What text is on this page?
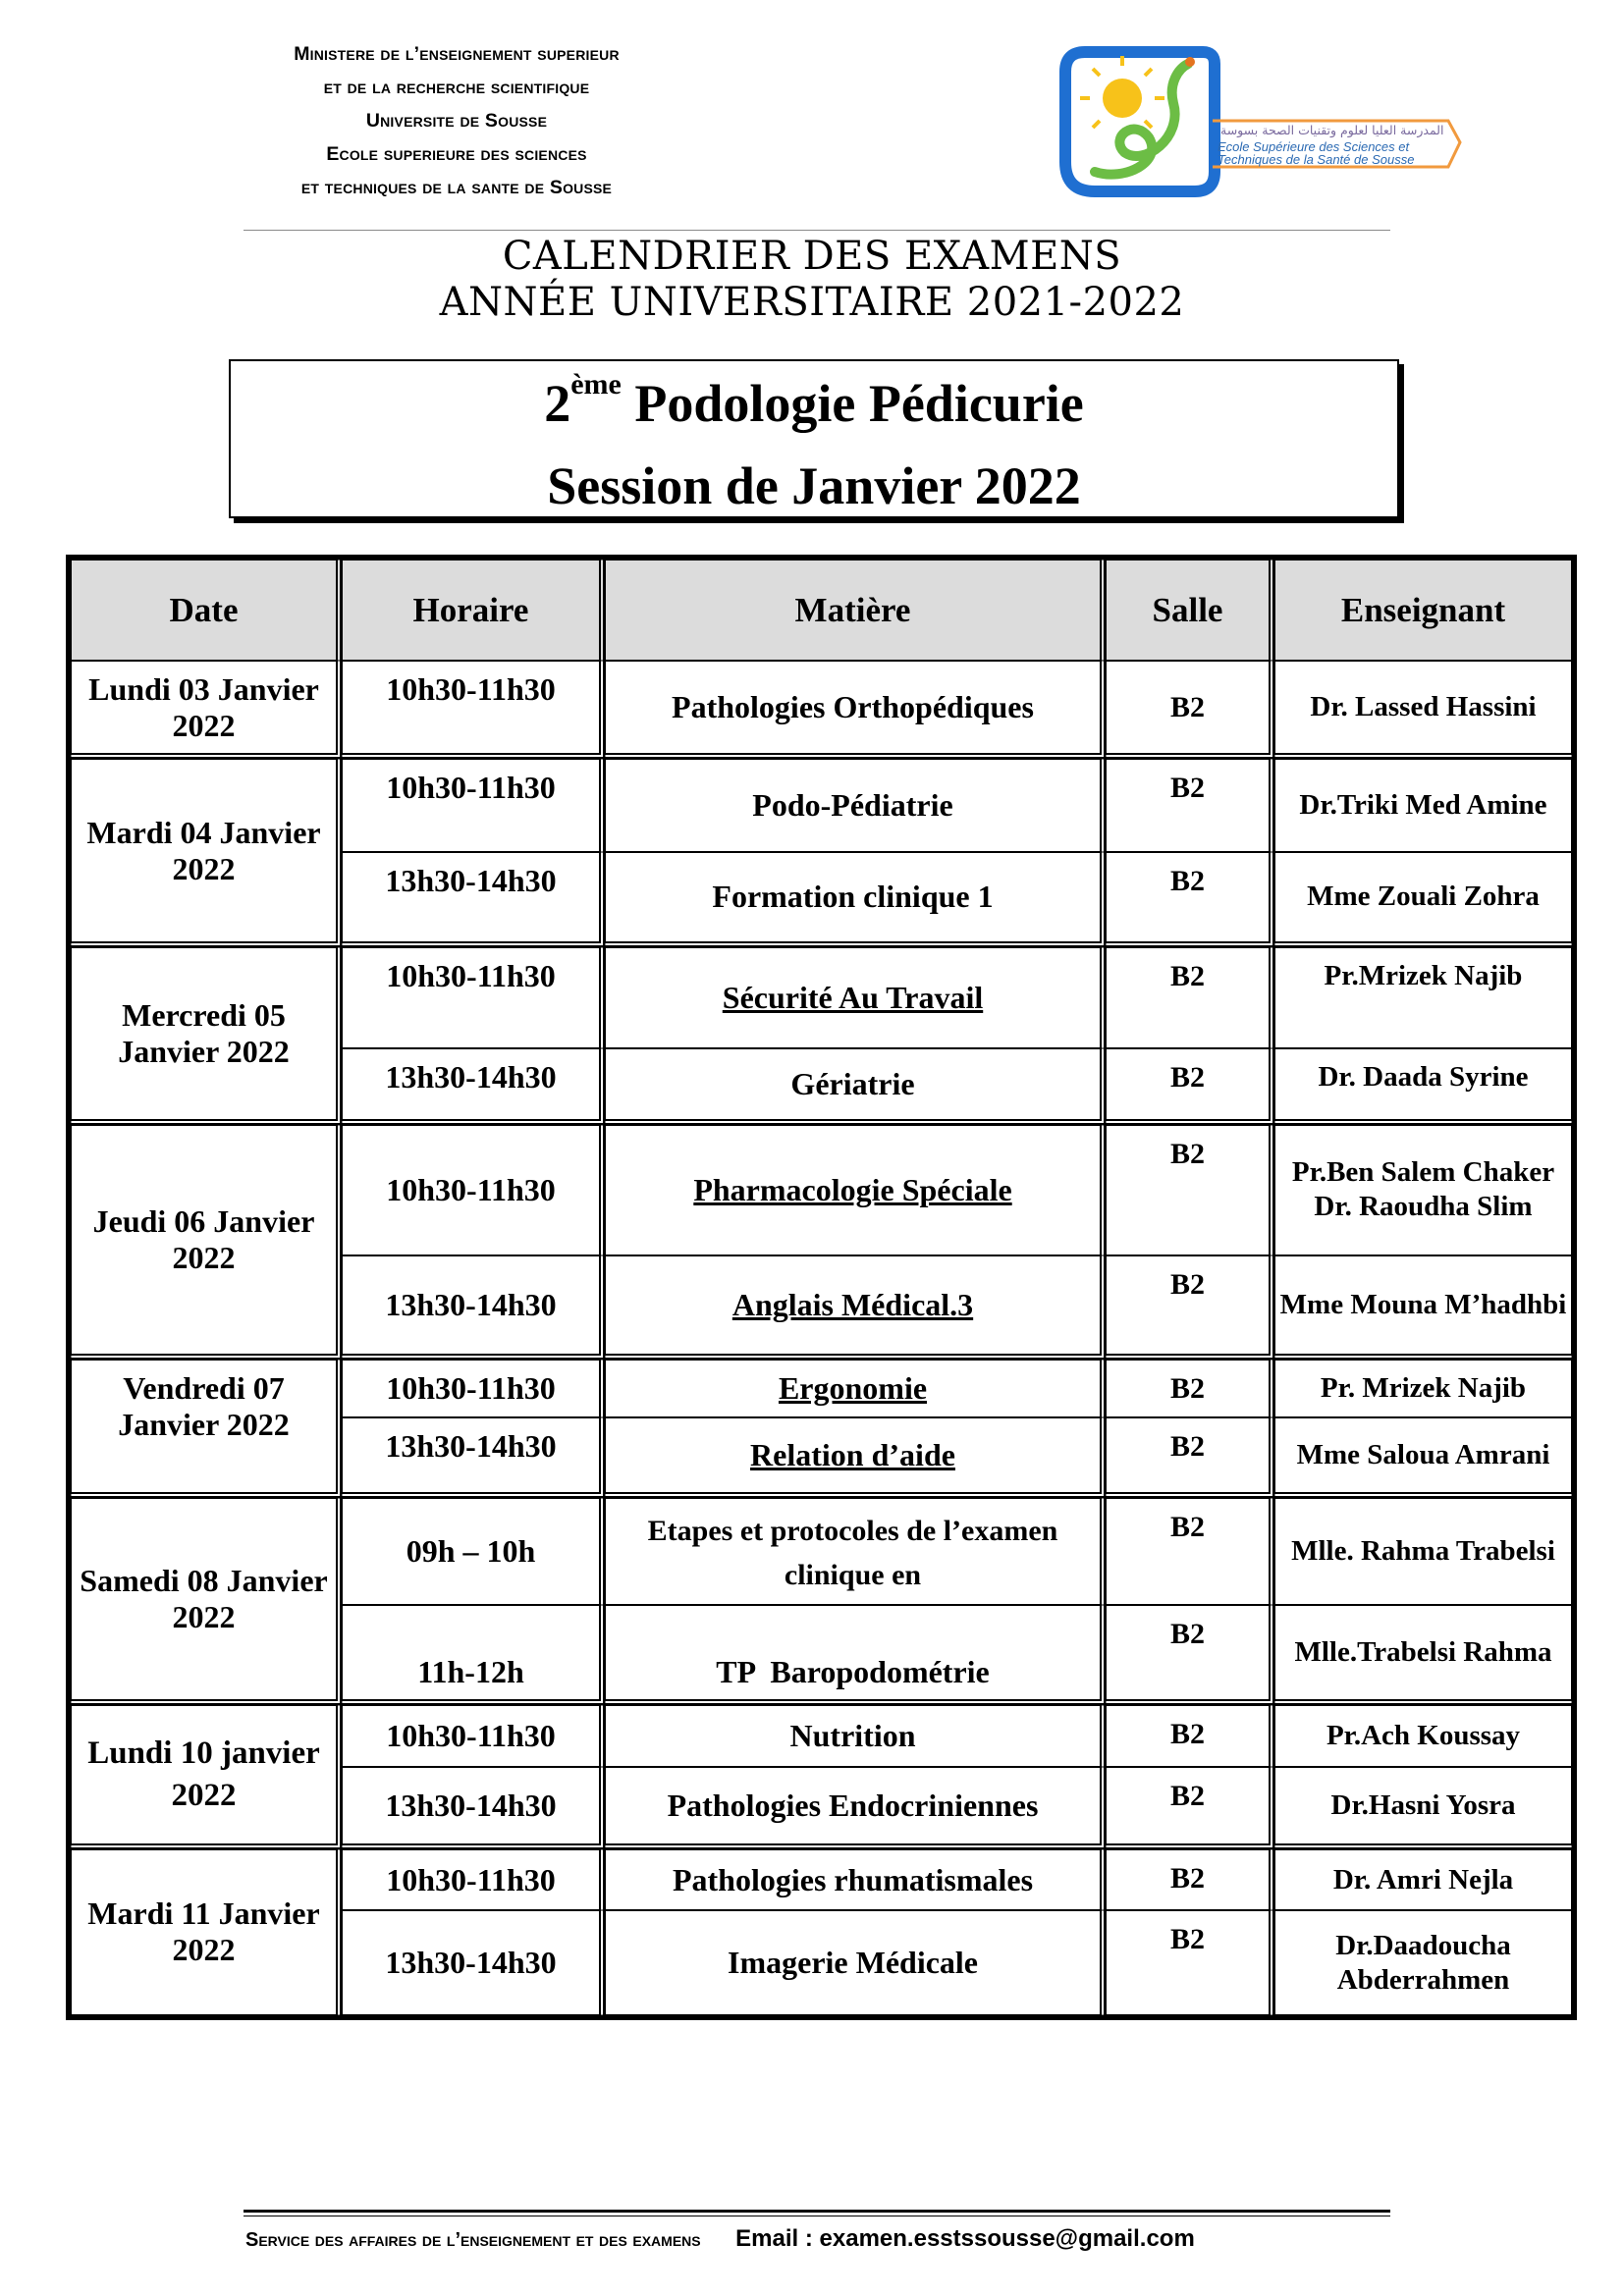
Ministere de l’enseignement superieur
et de la recherche scientifique
Universite de Sousse
Ecole superieure des sciences
et techniques de la sante de Sousse
المدرسة العليا لعلوم وتقنيات الصحة بسوسة
Ecole Supérieure des Sciences et
Techniques de la Santé de Sousse
CALENDRIER DES EXAMENS
ANNÉE UNIVERSITAIRE 2021-2022
2ème Podologie Pédicurie
Session de Janvier 2022
Date	Horaire	Matière	Salle	Enseignant
Lundi 03 Janvier 2022	10h30-11h30	Pathologies Orthopédiques	B2	Dr. Lassed Hassini
Mardi 04 Janvier 2022	10h30-11h30	Podo-Pédiatrie	B2	Dr.Triki Med Amine
	13h30-14h30	Formation clinique 1	B2	Mme Zouali Zohra
Mercredi 05 Janvier 2022	10h30-11h30	Sécurité Au Travail	B2	Pr.Mrizek Najib
	13h30-14h30	Gériatrie	B2	Dr. Daada Syrine
Jeudi 06 Janvier 2022	10h30-11h30	Pharmacologie Spéciale	B2	Pr.Ben Salem Chaker Dr. Raoudha Slim
	13h30-14h30	Anglais Médical.3	B2	Mme Mouna M’hadhbi
Vendredi 07 Janvier 2022	10h30-11h30	Ergonomie	B2	Pr. Mrizek Najib
	13h30-14h30	Relation d’aide	B2	Mme Saloua Amrani
Samedi 08 Janvier 2022	09h – 10h	Etapes et protocoles de l’examen clinique en	B2	Mlle. Rahma Trabelsi
	11h-12h	TP  Baropodométrie	B2	Mlle.Trabelsi Rahma
Lundi 10 janvier 2022	10h30-11h30	Nutrition	B2	Pr.Ach Koussay
	13h30-14h30	Pathologies Endocriniennes	B2	Dr.Hasni Yosra
Mardi 11 Janvier 2022	10h30-11h30	Pathologies rhumatismales	B2	Dr. Amri Nejla
	13h30-14h30	Imagerie Médicale	B2	Dr.Daadoucha Abderrahmen
Service des affaires de l’enseignement et des examens Email : examen.esstssousse@gmail.com
